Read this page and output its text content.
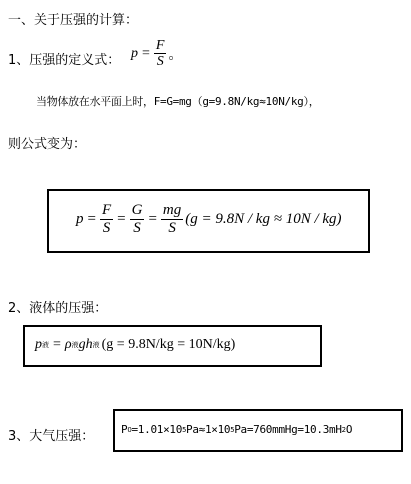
一、关于压强的计算：
1、压强的定义式： $p = \frac{F}{S}$ 。
当物体放在水平面上时，F=G=mg（g=9.8N/kg≈10N/kg），
则公式变为：
$p = \frac{F}{S} = \frac{G}{S} = \frac{mg}{S} (g = 9.8N$ / kg ≈ 10N / kg)
2、液体的压强：
p 液 = ρ 液 gh 液 (g = 9.8N/kg = 10N/kg)
3、大气压强： P 0 =1.01×10 5 Pa≈1×10 5 Pa=760mmHg=10.3mH 2 O
